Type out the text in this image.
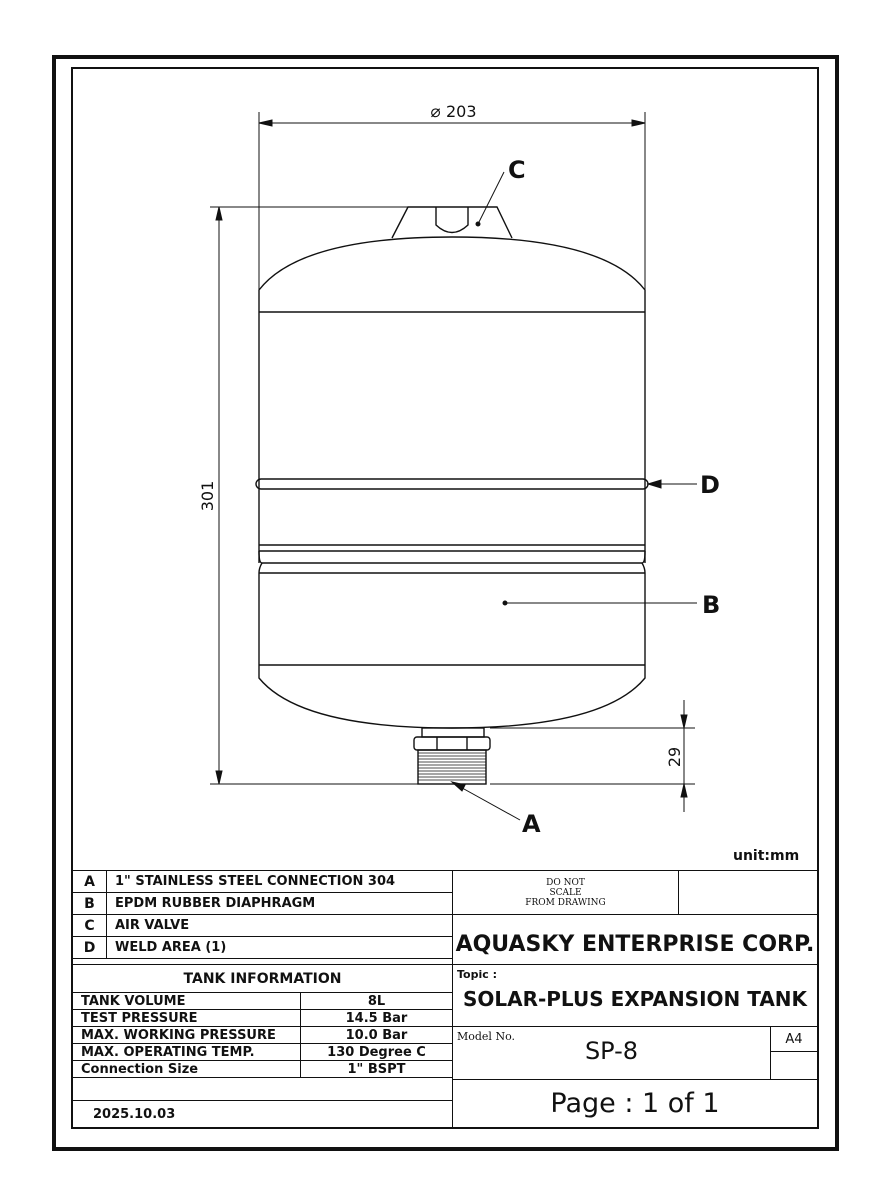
⌀ 203
301
29
C
D
B
A
unit:mm
A	1" STAINLESS STEEL CONNECTION 304
B	EPDM RUBBER DIAPHRAGM
C	AIR VALVE
D	WELD AREA (1)
TANK INFORMATION
TANK VOLUME	8L
TEST PRESSURE	14.5 Bar
MAX. WORKING PRESSURE	10.0 Bar
MAX. OPERATING TEMP.	130 Degree C
Connection Size	1" BSPT
2025.10.03
DO NOT
SCALE
FROM DRAWING
AQUASKY ENTERPRISE CORP.
Topic :
SOLAR-PLUS EXPANSION TANK
Model No.
SP-8	A4
Page : 1 of 1
